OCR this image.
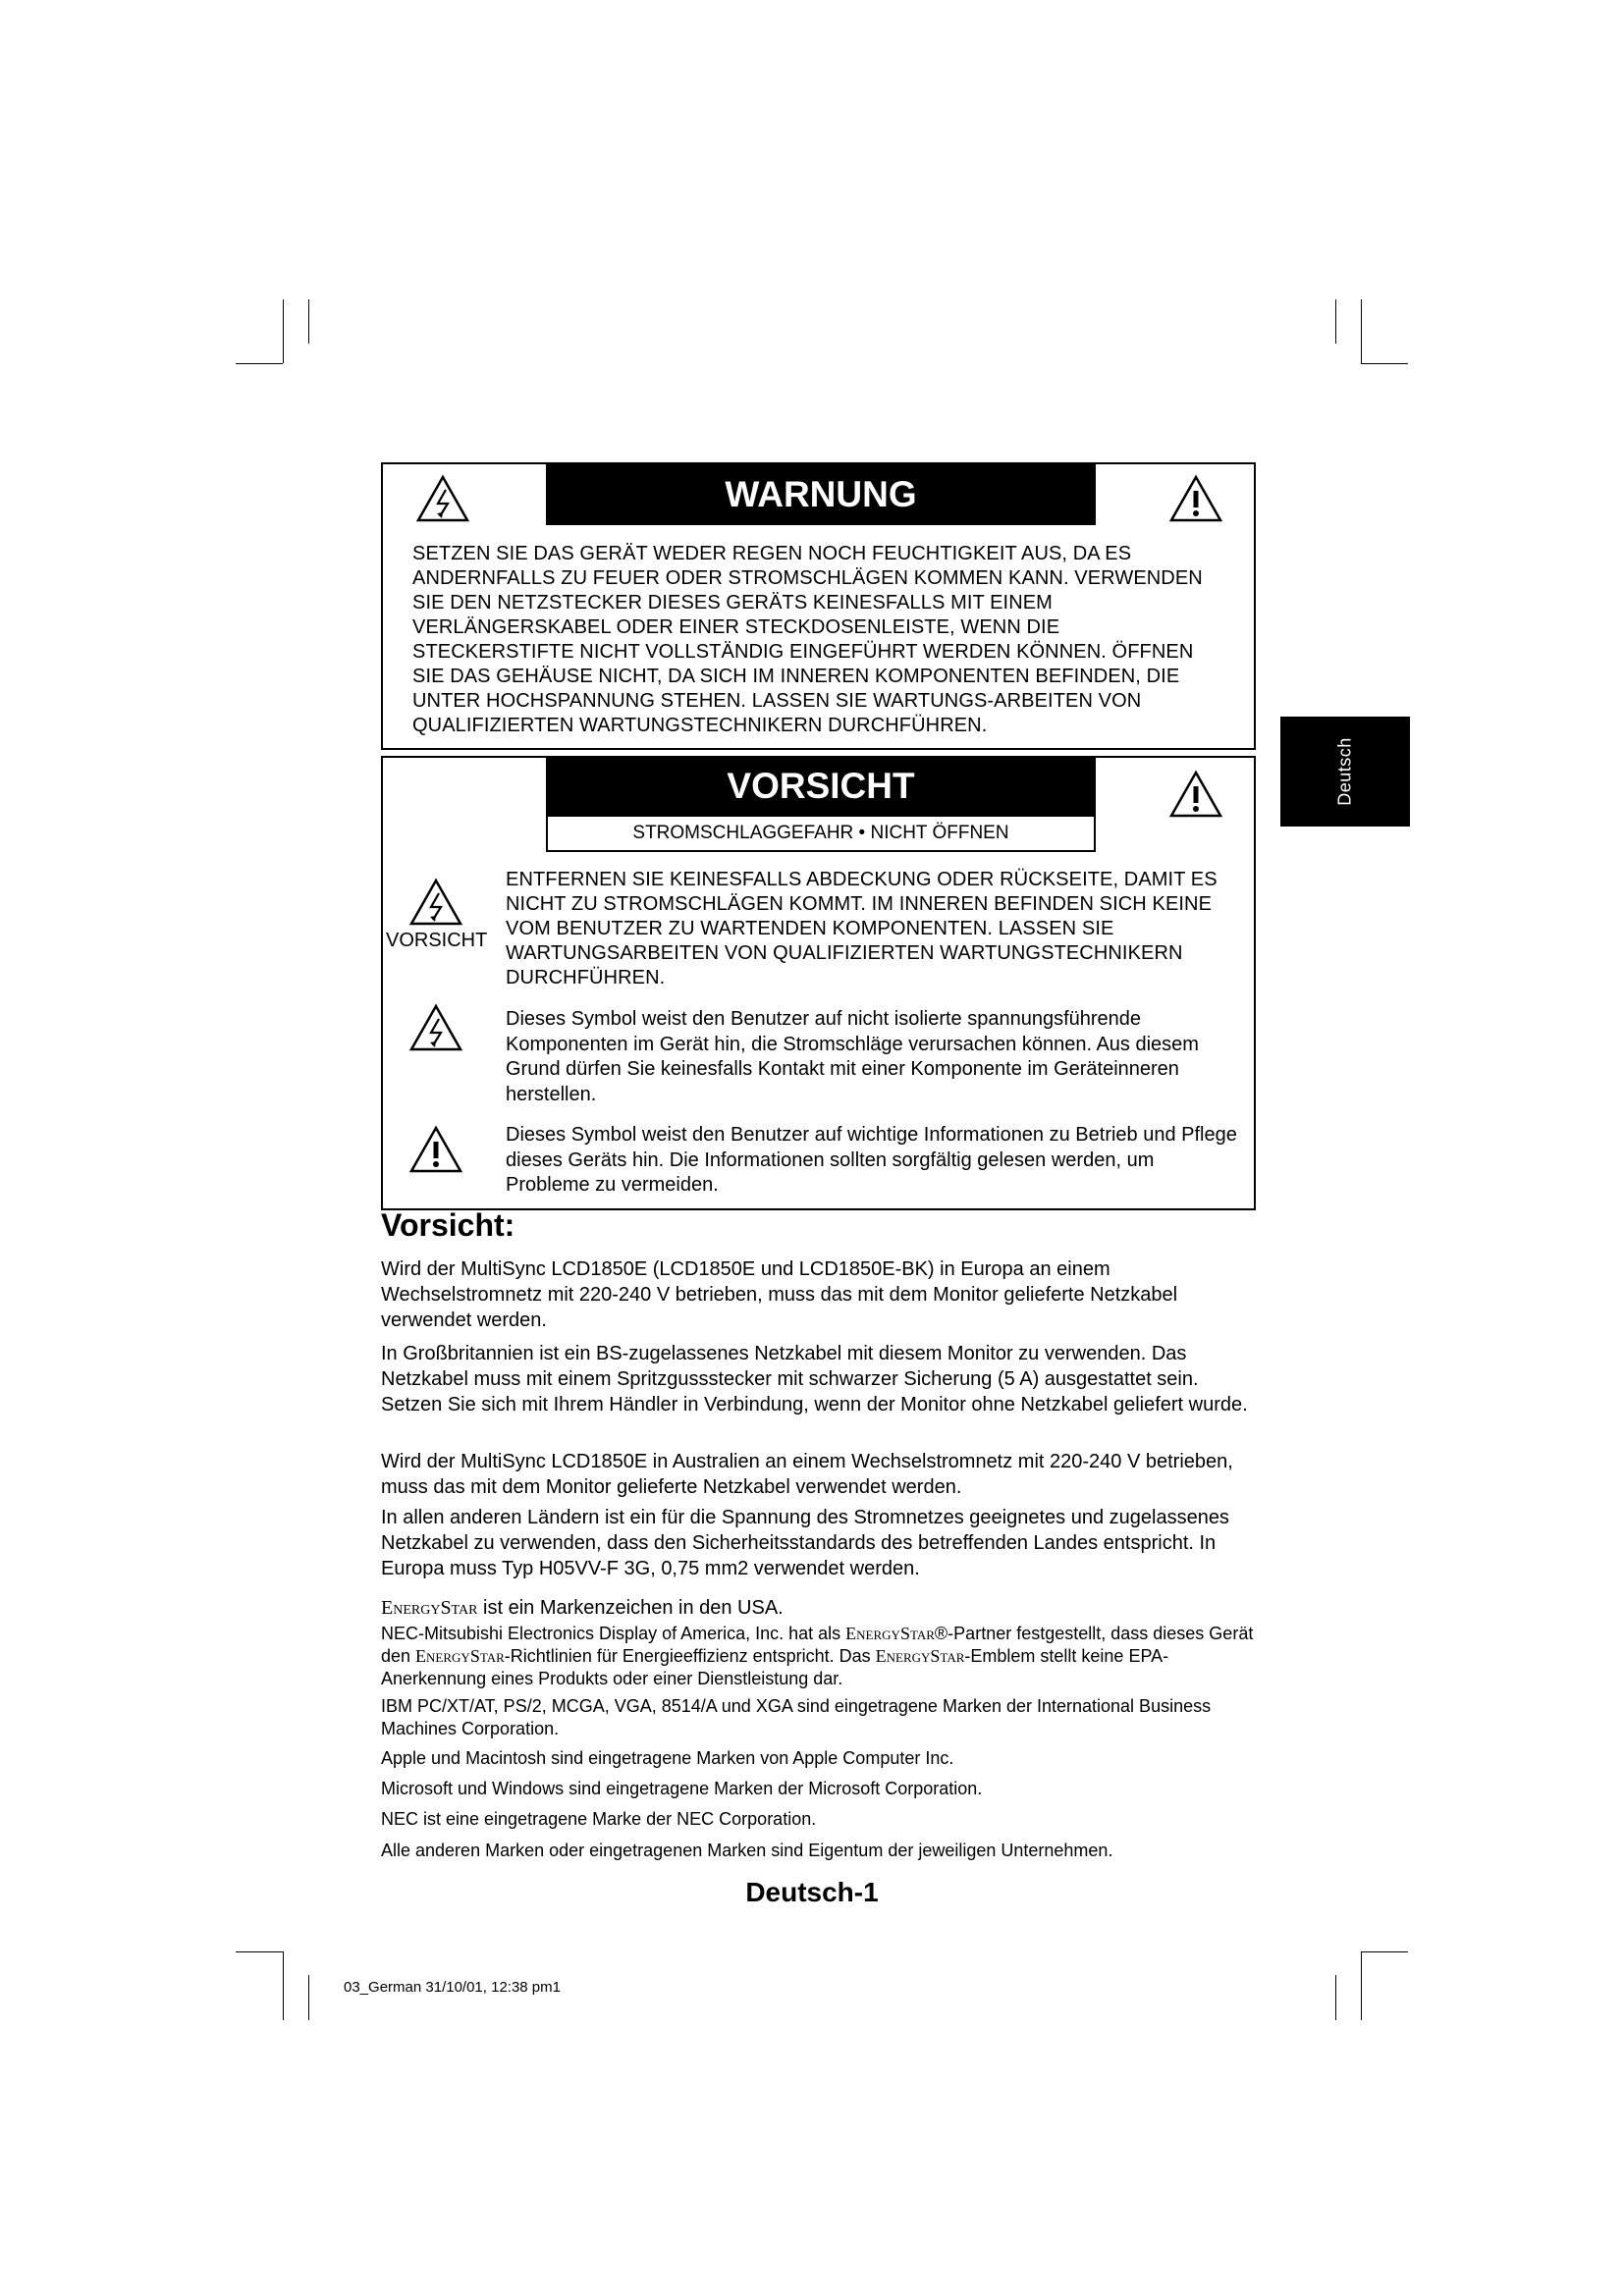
Deutsch
WARNUNG
SETZEN SIE DAS GERÄT WEDER REGEN NOCH FEUCHTIGKEIT AUS, DA ES ANDERNFALLS ZU FEUER ODER STROMSCHLÄGEN KOMMEN KANN. VERWENDEN SIE DEN NETZSTECKER DIESES GERÄTS KEINESFALLS MIT EINEM VERLÄNGERSKABEL ODER EINER STECKDOSENLEISTE, WENN DIE STECKERSTIFTE NICHT VOLLSTÄNDIG EINGEFÜHRT WERDEN KÖNNEN. ÖFFNEN SIE DAS GEHÄUSE NICHT, DA SICH IM INNEREN KOMPONENTEN BEFINDEN, DIE UNTER HOCHSPANNUNG STEHEN. LASSEN SIE WARTUNGS-ARBEITEN VON QUALIFIZIERTEN WARTUNGSTECHNIKERN DURCHFÜHREN.
VORSICHT
STROMSCHLAGGEFAHR • NICHT ÖFFNEN
VORSICHT
ENTFERNEN SIE KEINESFALLS ABDECKUNG ODER RÜCKSEITE, DAMIT ES NICHT ZU STROMSCHLÄGEN KOMMT. IM INNEREN BEFINDEN SICH KEINE VOM BENUTZER ZU WARTENDEN KOMPONENTEN. LASSEN SIE WARTUNGSARBEITEN VON QUALIFIZIERTEN WARTUNGSTECHNIKERN DURCHFÜHREN.
Dieses Symbol weist den Benutzer auf nicht isolierte spannungsführende Komponenten im Gerät hin, die Stromschläge verursachen können. Aus diesem Grund dürfen Sie keinesfalls Kontakt mit einer Komponente im Geräteinneren herstellen.
Dieses Symbol weist den Benutzer auf wichtige Informationen zu Betrieb und Pflege dieses Geräts hin. Die Informationen sollten sorgfältig gelesen werden, um Probleme zu vermeiden.
Vorsicht:

Wird der MultiSync LCD1850E (LCD1850E und LCD1850E-BK) in Europa an einem Wechselstromnetz mit 220-240 V betrieben, muss das mit dem Monitor gelieferte Netzkabel verwendet werden.

In Großbritannien ist ein BS-zugelassenes Netzkabel mit diesem Monitor zu verwenden. Das Netzkabel muss mit einem Spritzgussstecker mit schwarzer Sicherung (5 A) ausgestattet sein. Setzen Sie sich mit Ihrem Händler in Verbindung, wenn der Monitor ohne Netzkabel geliefert wurde.

Wird der MultiSync LCD1850E in Australien an einem Wechselstromnetz mit 220-240 V betrieben, muss das mit dem Monitor gelieferte Netzkabel verwendet werden.

In allen anderen Ländern ist ein für die Spannung des Stromnetzes geeignetes und zugelassenes Netzkabel zu verwenden, dass den Sicherheitsstandards des betreffenden Landes entspricht. In Europa muss Typ H05VV-F 3G, 0,75 mm2 verwendet werden.

EnergyStar ist ein Markenzeichen in den USA.

NEC-Mitsubishi Electronics Display of America, Inc. hat als EnergyStar®-Partner festgestellt, dass dieses Gerät den EnergyStar-Richtlinien für Energieeffizienz entspricht. Das EnergyStar-Emblem stellt keine EPA-Anerkennung eines Produkts oder einer Dienstleistung dar.

IBM PC/XT/AT, PS/2, MCGA, VGA, 8514/A und XGA sind eingetragene Marken der International Business Machines Corporation.

Apple und Macintosh sind eingetragene Marken von Apple Computer Inc.

Microsoft und Windows sind eingetragene Marken der Microsoft Corporation.

NEC ist eine eingetragene Marke der NEC Corporation.

Alle anderen Marken oder eingetragenen Marken sind Eigentum der jeweiligen Unternehmen.

Deutsch-1
03_German 31/10/01, 12:38 pm1
